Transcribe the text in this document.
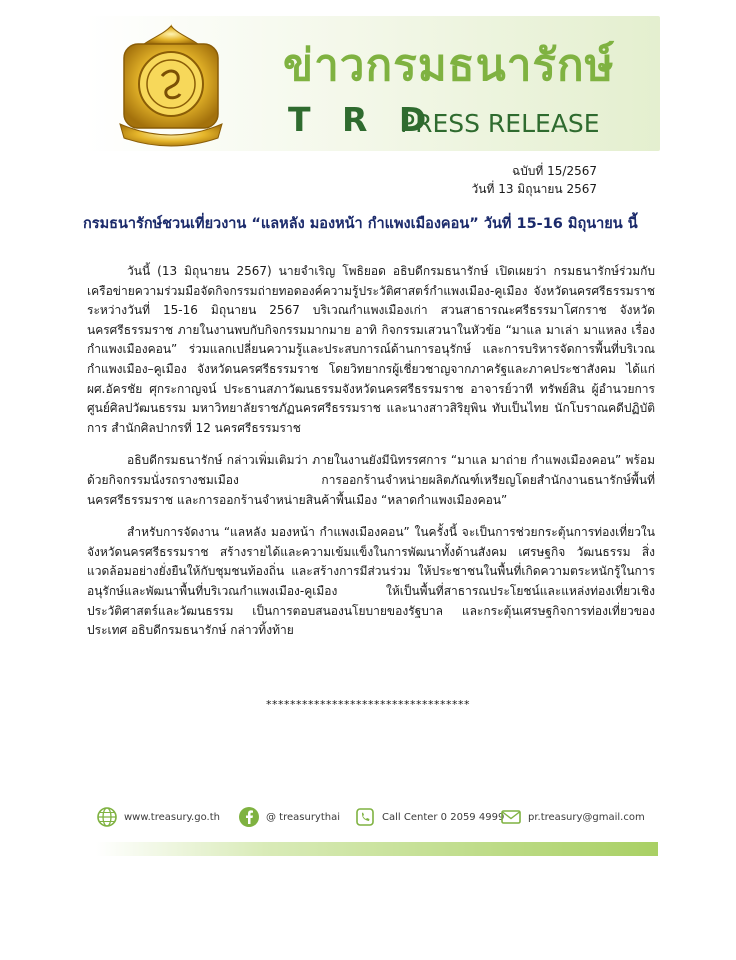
ข่าวกรมธนารักษ์
T R D
PRESS RELEASE
ฉบับที่ 15/2567
วันที่ 13 มิถุนายน 2567
กรมธนารักษ์ชวนเที่ยวงาน “แลหลัง มองหน้า กำแพงเมืองคอน” วันที่ 15-16 มิถุนายน นี้

วันนี้ (13 มิถุนายน 2567) นายจำเริญ โพธิยอด อธิบดีกรมธนารักษ์ เปิดเผยว่า กรมธนารักษ์ร่วมกับเครือข่ายความร่วมมือจัดกิจกรรมถ่ายทอดองค์ความรู้ประวัติศาสตร์กำแพงเมือง-คูเมือง จังหวัดนครศรีธรรมราช ระหว่างวันที่ 15-16 มิถุนายน 2567 บริเวณกำแพงเมืองเก่า สวนสาธารณะศรีธรรมาโศกราช จังหวัดนครศรีธรรมราช ภายในงานพบกับกิจกรรมมากมาย อาทิ กิจกรรมเสวนาในหัวข้อ “มาแล มาเล่า มาแหลง เรื่องกำแพงเมืองคอน” ร่วมแลกเปลี่ยนความรู้และประสบการณ์ด้านการอนุรักษ์ และการบริหารจัดการพื้นที่บริเวณกำแพงเมือง–คูเมือง จังหวัดนครศรีธรรมราช โดยวิทยากรผู้เชี่ยวชาญจากภาครัฐและภาคประชาสังคม ได้แก่ ผศ.อัครชัย ศุกระกาญจน์ ประธานสภาวัฒนธรรมจังหวัดนครศรีธรรมราช อาจารย์วาที ทรัพย์สิน ผู้อำนวยการศูนย์ศิลปวัฒนธรรม มหาวิทยาลัยราชภัฏนครศรีธรรมราช และนางสาวสิริยุพิน ทับเป็นไทย นักโบราณคดีปฏิบัติการ สำนักศิลปากรที่ 12 นครศรีธรรมราช

อธิบดีกรมธนารักษ์ กล่าวเพิ่มเติมว่า ภายในงานยังมีนิทรรศการ “มาแล มาถ่าย กำแพงเมืองคอน” พร้อมด้วยกิจกรรมนั่งรถรางชมเมือง การออกร้านจำหน่ายผลิตภัณฑ์เหรียญโดยสำนักงานธนารักษ์พื้นที่นครศรีธรรมราช และการออกร้านจำหน่ายสินค้าพื้นเมือง “หลาดกำแพงเมืองคอน”

สำหรับการจัดงาน “แลหลัง มองหน้า กำแพงเมืองคอน” ในครั้งนี้ จะเป็นการช่วยกระตุ้นการท่องเที่ยวในจังหวัดนครศรีธรรมราช สร้างรายได้และความเข้มแข็งในการพัฒนาทั้งด้านสังคม เศรษฐกิจ วัฒนธรรม สิ่งแวดล้อมอย่างยั่งยืนให้กับชุมชนท้องถิ่น และสร้างการมีส่วนร่วม ให้ประชาชนในพื้นที่เกิดความตระหนักรู้ในการอนุรักษ์และพัฒนาพื้นที่บริเวณกำแพงเมือง-คูเมือง ให้เป็นพื้นที่สาธารณประโยชน์และแหล่งท่องเที่ยวเชิงประวัติศาสตร์และวัฒนธรรม เป็นการตอบสนองนโยบายของรัฐบาล และกระตุ้นเศรษฐกิจการท่องเที่ยวของประเทศ อธิบดีกรมธนารักษ์ กล่าวทิ้งท้าย

**********************************
www.treasury.go.th	@ treasurythai	Call Center 0 2059 4999 pr.treasury@gmail.com
